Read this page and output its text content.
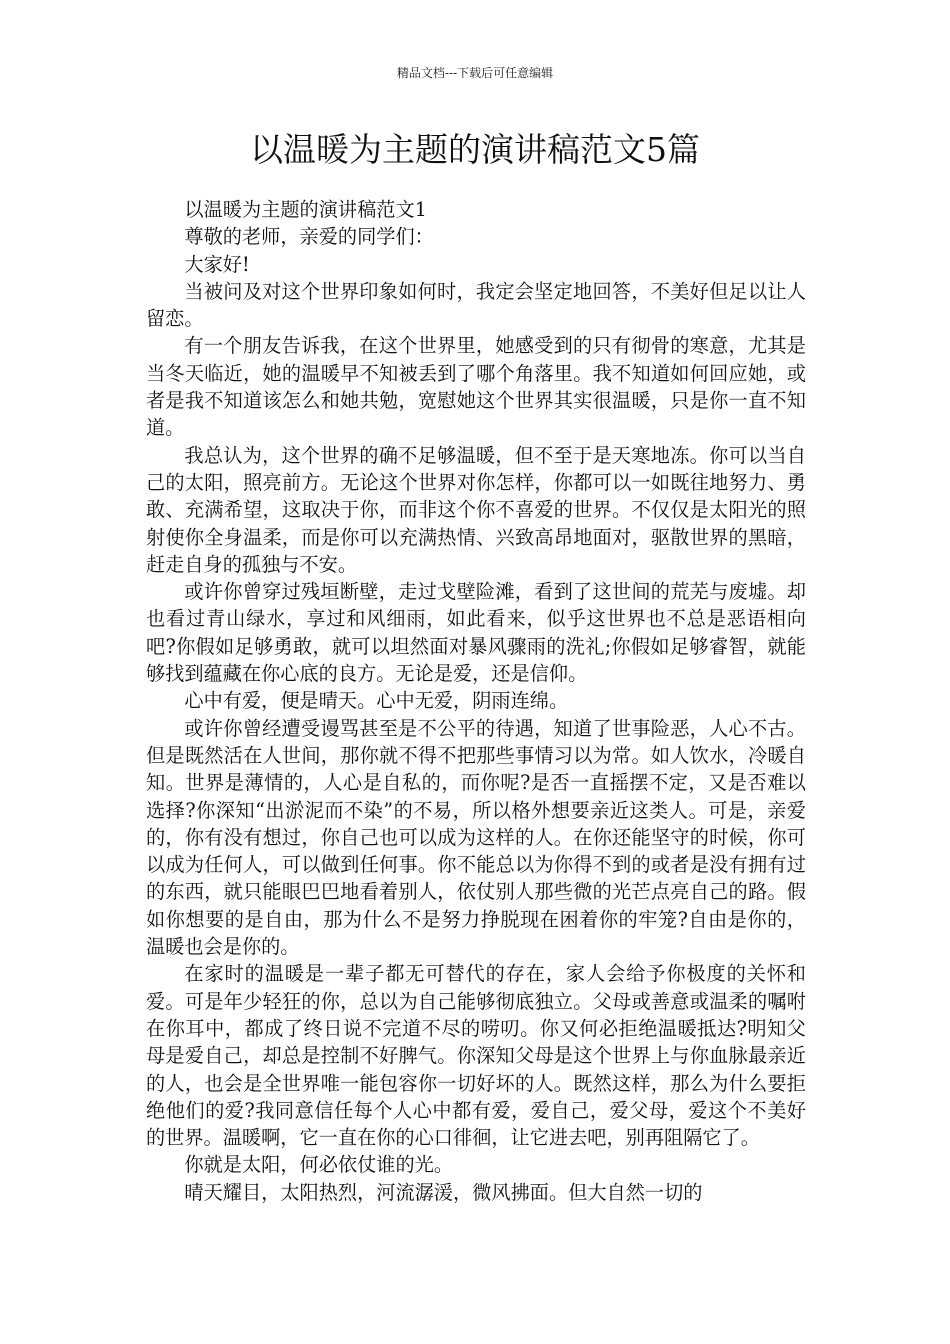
精品文档---下载后可任意编辑
以温暖为主题的演讲稿范文5篇

以温暖为主题的演讲稿范文1

尊敬的老师，亲爱的同学们：

大家好!

当被问及对这个世界印象如何时，我定会坚定地回答，不美好但足以让人留恋。

有一个朋友告诉我，在这个世界里，她感受到的只有彻骨的寒意，尤其是当冬天临近，她的温暖早不知被丢到了哪个角落里。我不知道如何回应她，或者是我不知道该怎么和她共勉，宽慰她这个世界其实很温暖，只是你一直不知道。

我总认为，这个世界的确不足够温暖，但不至于是天寒地冻。你可以当自己的太阳，照亮前方。无论这个世界对你怎样，你都可以一如既往地努力、勇敢、充满希望，这取决于你，而非这个你不喜爱的世界。不仅仅是太阳光的照射使你全身温柔，而是你可以充满热情、兴致高昂地面对，驱散世界的黑暗，赶走自身的孤独与不安。

或许你曾穿过残垣断壁，走过戈壁险滩，看到了这世间的荒芜与废墟。却也看过青山绿水，享过和风细雨，如此看来，似乎这世界也不总是恶语相向吧?你假如足够勇敢，就可以坦然面对暴风骤雨的洗礼;你假如足够睿智，就能够找到蕴藏在你心底的良方。无论是爱，还是信仰。

心中有爱，便是晴天。心中无爱，阴雨连绵。

或许你曾经遭受谩骂甚至是不公平的待遇，知道了世事险恶，人心不古。但是既然活在人世间，那你就不得不把那些事情习以为常。如人饮水，冷暖自知。世界是薄情的，人心是自私的，而你呢?是否一直摇摆不定，又是否难以选择?你深知“出淤泥而不染”的不易，所以格外想要亲近这类人。可是，亲爱的，你有没有想过，你自己也可以成为这样的人。在你还能坚守的时候，你可以成为任何人，可以做到任何事。你不能总以为你得不到的或者是没有拥有过的东西，就只能眼巴巴地看着别人，依仗别人那些微的光芒点亮自己的路。假如你想要的是自由，那为什么不是努力挣脱现在困着你的牢笼?自由是你的，温暖也会是你的。

在家时的温暖是一辈子都无可替代的存在，家人会给予你极度的关怀和爱。可是年少轻狂的你，总以为自己能够彻底独立。父母或善意或温柔的嘱咐在你耳中，都成了终日说不完道不尽的唠叨。你又何必拒绝温暖抵达?明知父母是爱自己，却总是控制不好脾气。你深知父母是这个世界上与你血脉最亲近的人，也会是全世界唯一能包容你一切好坏的人。既然这样，那么为什么要拒绝他们的爱?我同意信任每个人心中都有爱，爱自己，爱父母，爱这个不美好的世界。温暖啊，它一直在你的心口徘徊，让它进去吧，别再阻隔它了。

你就是太阳，何必依仗谁的光。

晴天耀目，太阳热烈，河流潺湲，微风拂面。但大自然一切的
